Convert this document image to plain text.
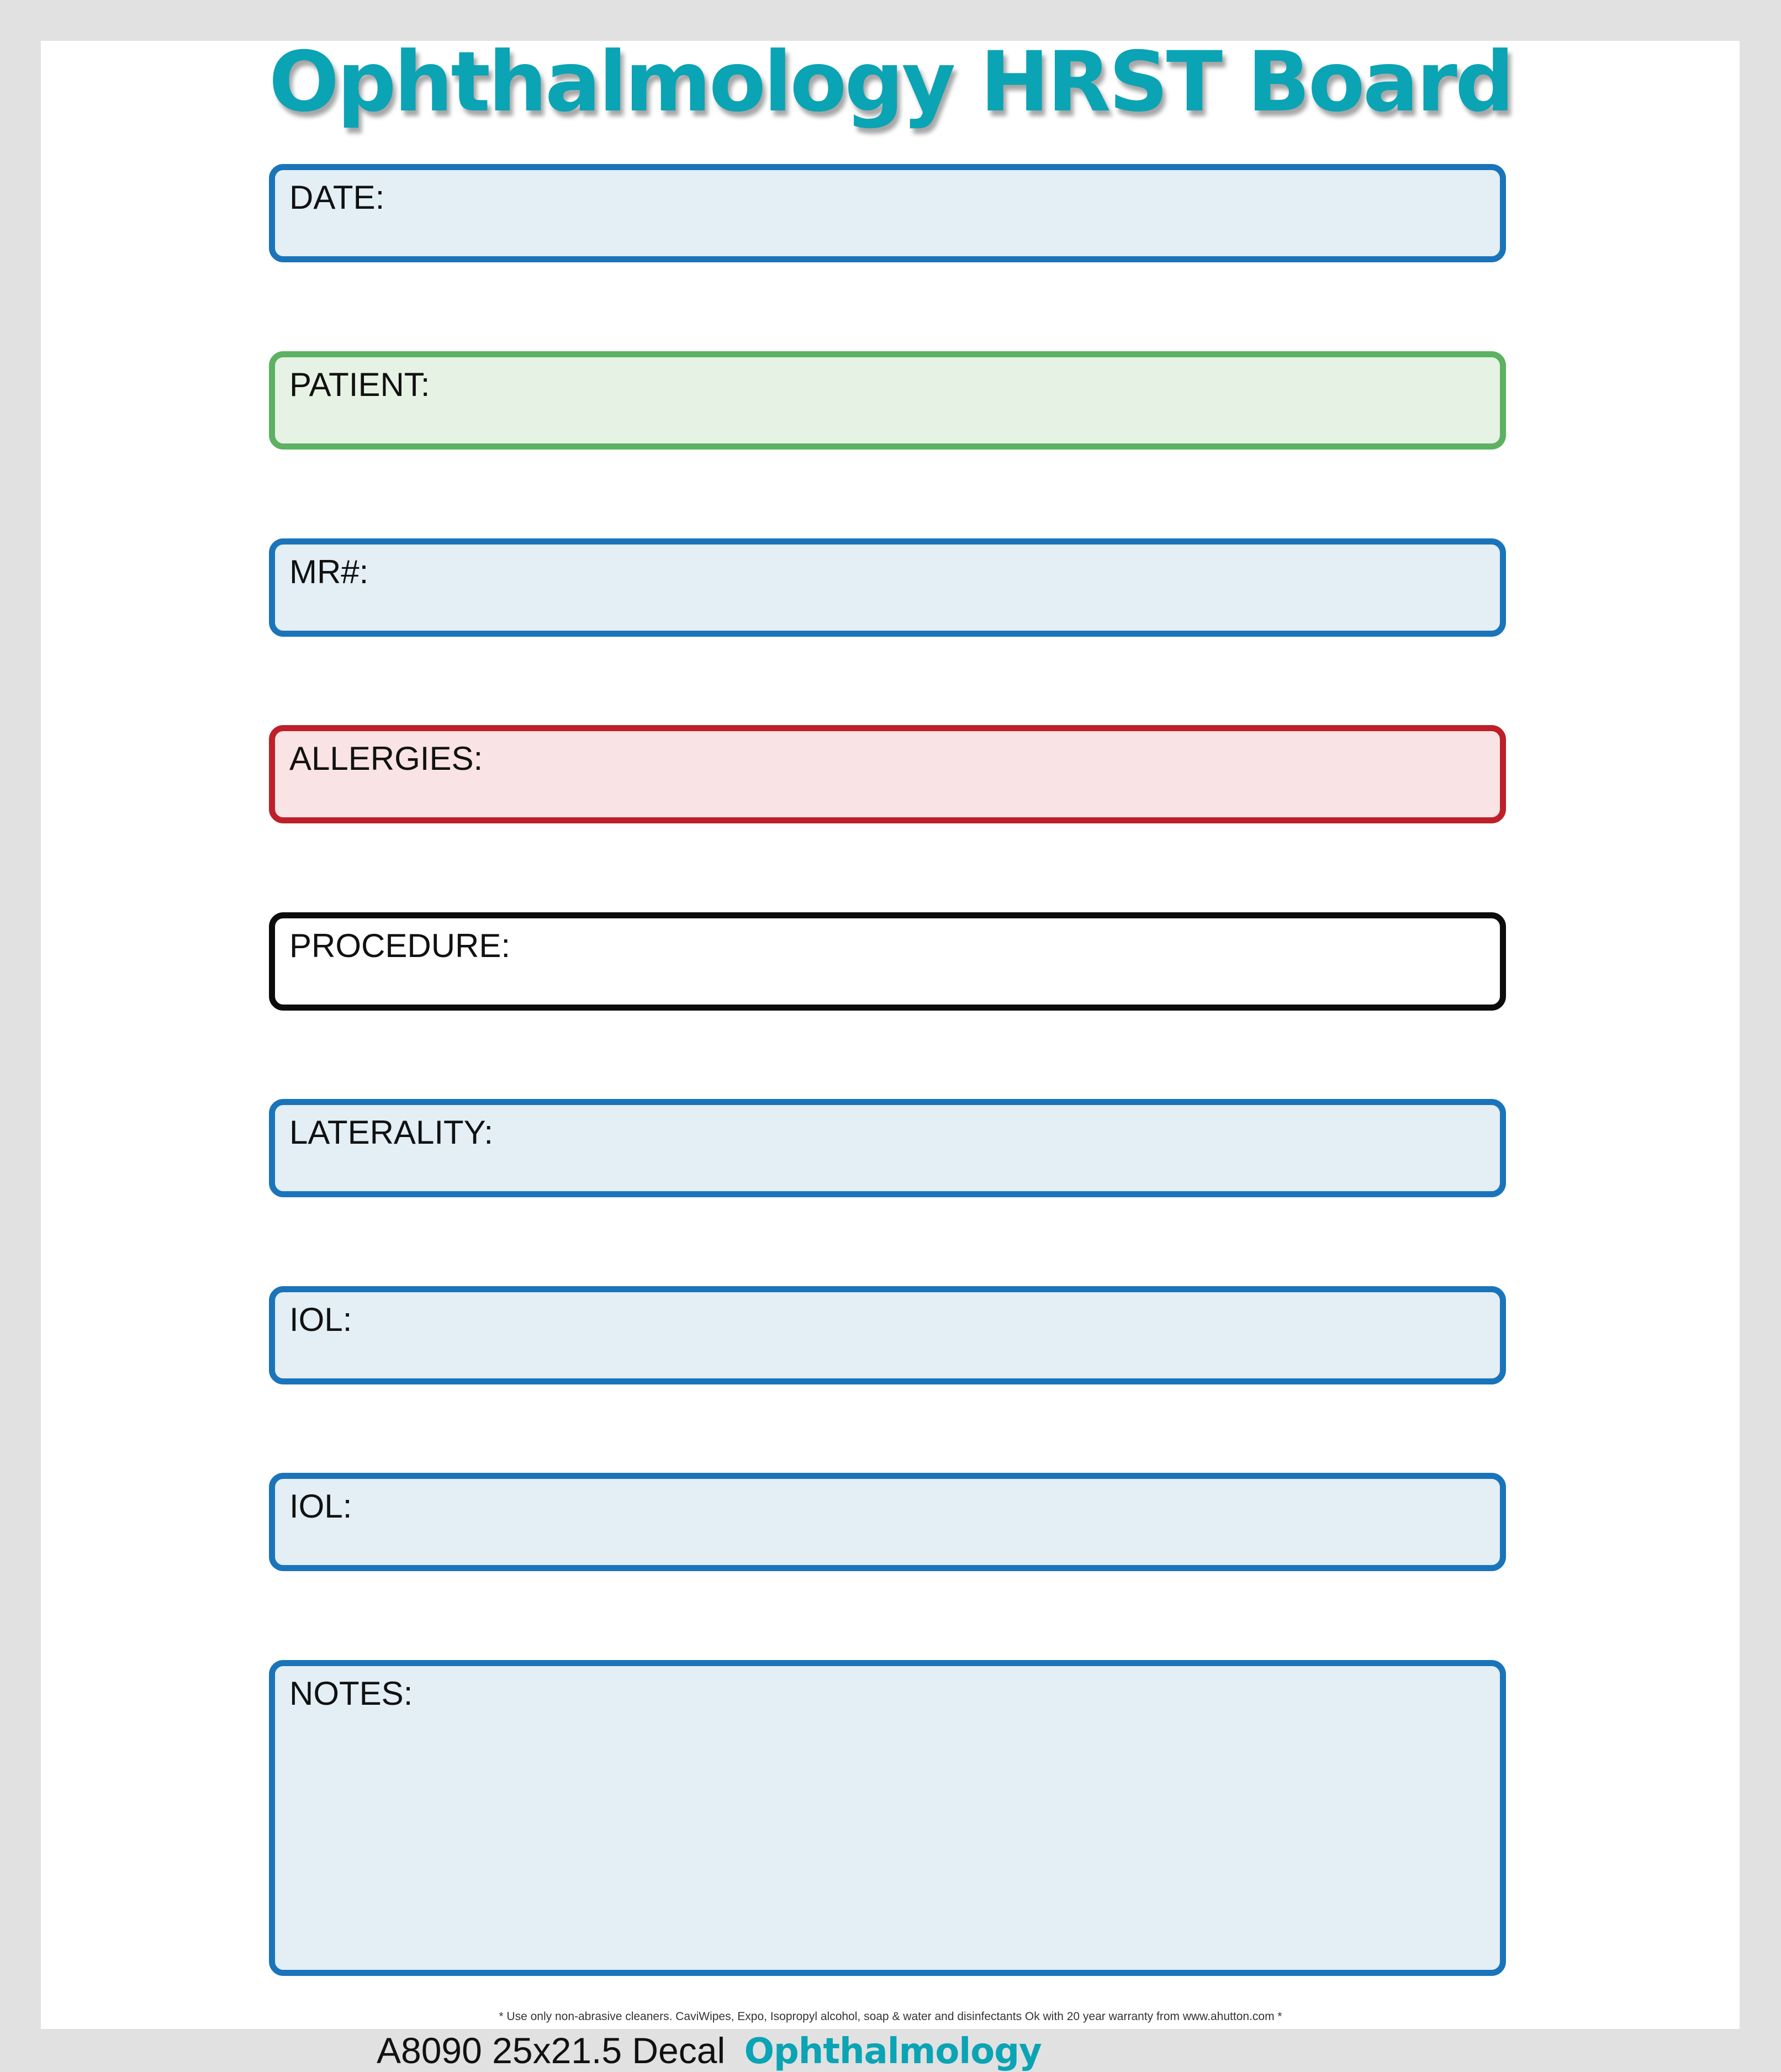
Ophthalmology HRST Board
DATE:
PATIENT:
MR#:
ALLERGIES:
PROCEDURE:
LATERALITY:
IOL:
IOL:
NOTES:
* Use only non-abrasive cleaners. CaviWipes, Expo, Isopropyl alcohol, soap & water and disinfectants Ok with 20 year warranty from www.ahutton.com *
A8090 25x21.5 Decal Ophthalmology
